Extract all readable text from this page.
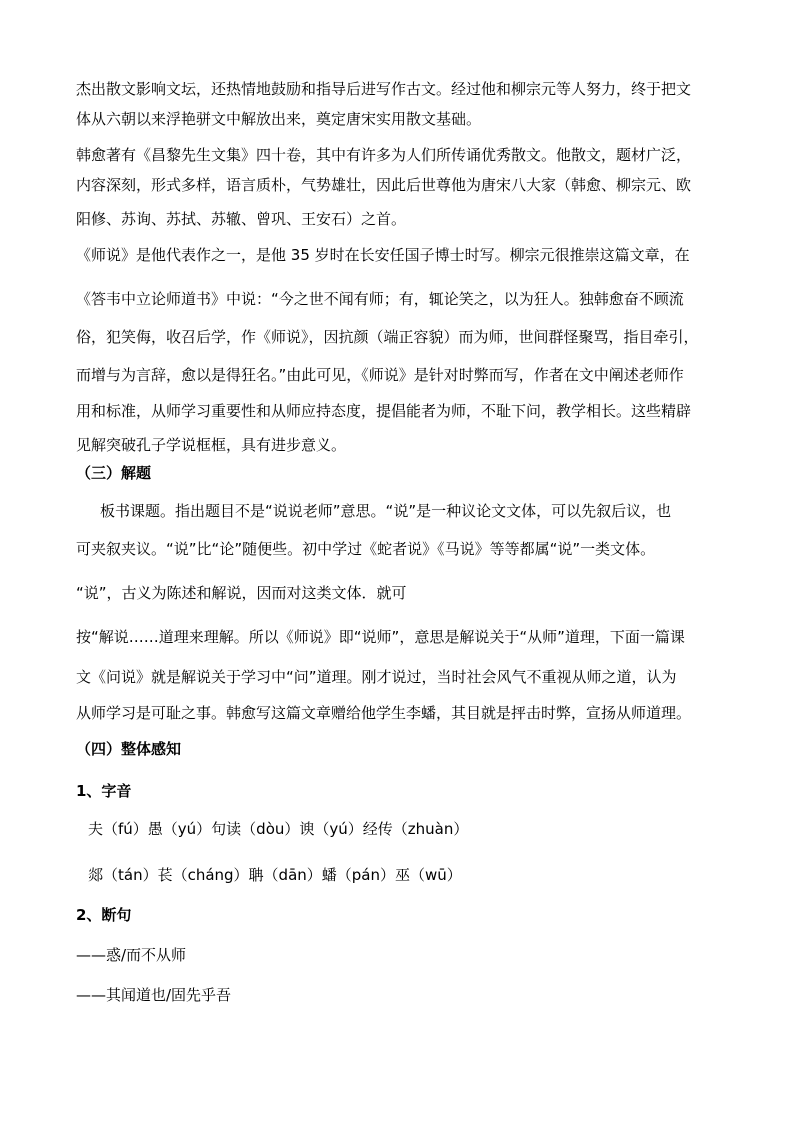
杰出散文影响文坛，还热情地鼓励和指导后进写作古文。经过他和柳宗元等人努力，终于把文
体从六朝以来浮艳骈文中解放出来，奠定唐宋实用散文基础。
韩愈著有《昌黎先生文集》四十卷，其中有许多为人们所传诵优秀散文。他散文，题材广泛，
内容深刻，形式多样，语言质朴，气势雄壮，因此后世尊他为唐宋八大家（韩愈、柳宗元、欧
阳修、苏询、苏拭、苏辙、曾巩、王安石）之首。
《师说》是他代表作之一，是他 35 岁时在长安任国子博士时写。柳宗元很推崇这篇文章，在
《答韦中立论师道书》中说：“今之世不闻有师；有，辄论笑之，以为狂人。独韩愈奋不顾流
俗，犯笑侮，收召后学，作《师说》，因抗颜（端正容貌）而为师，世间群怪聚骂，指目牵引，
而增与为言辞，愈以是得狂名。”由此可见，《师说》是针对时弊而写，作者在文中阐述老师作
用和标准，从师学习重要性和从师应持态度，提倡能者为师，不耻下问，教学相长。这些精辟
见解突破孔子学说框框，具有进步意义。
（三）解题
板书课题。指出题目不是“说说老师”意思。“说”是一种议论文文体，可以先叙后议，也
可夹叙夹议。“说”比“论”随便些。初中学过《蛇者说》《马说》等等都属“说”一类文体。
“说”，古义为陈述和解说，因而对这类文体．就可
按“解说……道理来理解。所以《师说》即“说师”，意思是解说关于“从师”道理，下面一篇课
文《问说》就是解说关于学习中“问”道理。刚才说过，当时社会风气不重视从师之道，认为
从师学习是可耻之事。韩愈写这篇文章赠给他学生李蟠，其目就是抨击时弊，宣扬从师道理。
（四）整体感知
1、字音
夫（fú）愚（yú）句读（dòu）谀（yú）经传（zhuàn）
郯（tán）苌（cháng）聃（dān）蟠（pán）巫（wū）
2、断句
——惑/而不从师
——其闻道也/固先乎吾
